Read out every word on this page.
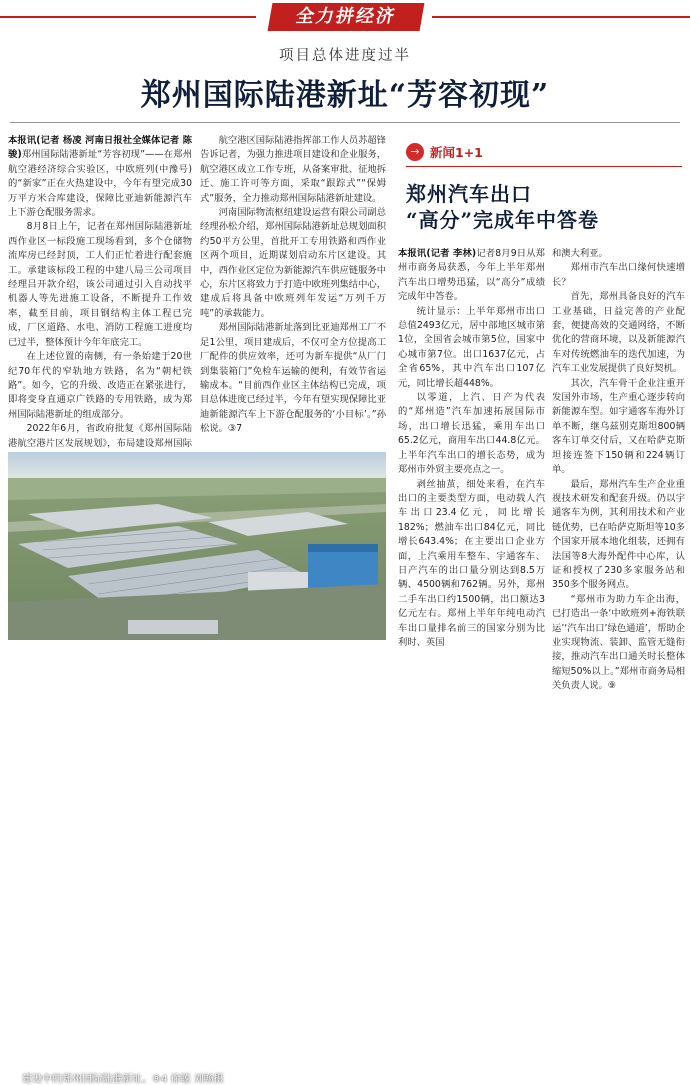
全力拼经济
项目总体进度过半
郑州国际陆港新址“芳容初现”

本报讯(记者 杨凌 河南日报社全媒体记者 陈骏)郑州国际陆港新址“芳容初现”——在郑州航空港经济综合实验区，中欧班列(中豫号)的“新家”正在火热建设中，今年有望完成30万平方米合库建设，保障比亚迪新能源汽车上下游仓配服务需求。

8月8日上午，记者在郑州国际陆港新址西作业区一标段施工现场看到，多个仓储物流库房已经封顶，工人们正忙着进行配套施工。承建该标段工程的中建八局三公司项目经理吕开款介绍，该公司通过引入自动找平机器人等先进施工设备，不断提升工作效率，截至目前，项目钢结构主体工程已完成，厂区道路、水电、消防工程施工进度均已过半，整体预计今年年底完工。

在上述位置的南侧，有一条始建于20世纪70年代的窄轨地方铁路，名为“朝杞铁路”。如今，它的升级、改造正在紧张进行，即将变身直通京广铁路的专用铁路，成为郑州国际陆港新址的组成部分。

2022年6月，省政府批复《郑州国际陆港航空港片区发展规划》，布局建设郑州国际

航空港区国际陆港指挥部工作人员苏超锋告诉记者，为强力推进项目建设和企业服务，航空港区成立工作专班，从备案审批、征地拆迁、施工许可等方面，采取“跟踪式”“保姆式”服务，全力推动郑州国际陆港新址建设。

河南国际物流枢纽建设运营有限公司副总经理孙松介绍，郑州国际陆港新址总规划面积约50平方公里，首批开工专用铁路和西作业区两个项目，近期谋划启动东片区建设。其中，西作业区定位为新能源汽车供应链服务中心，东片区将致力于打造中欧班列集结中心，建成后将具备中欧班列年发运“万列千万吨”的承载能力。

郑州国际陆港新址落到比亚迪郑州工厂不足1公里，项目建成后，不仅可全方位提高工厂配件的供应效率，还可为新车提供“从厂门到集装箱门”免检车运输的便利，有效节省运输成本。“目前西作业区主体结构已完成，项目总体进度已经过半，今年有望实现保障比亚迪新能源汽车上下游仓配服务的‘小目标’。”孙松说。③7

建设中的郑州国际陆港新址。⑨4 徐聪 刘畅摄
→ 新闻1+1
郑州汽车出口
“高分”完成年中答卷

本报讯(记者 李林)记者8月9日从郑州市商务局获悉，今年上半年郑州汽车出口增势迅猛，以“高分”成绩完成年中答卷。

统计显示：上半年郑州市出口总值2493亿元，居中部地区城市第1位，全国省会城市第5位，国家中心城市第7位。出口1637亿元，占全省65%，其中汽车出口107亿元，同比增长超448%。

以零道，上汽、日产为代表的“郑州造”汽车加速拓展国际市场，出口增长迅猛，乘用车出口65.2亿元，商用车出口44.8亿元。上半年汽车出口的增长态势，成为郑州市外贸主要亮点之一。

剥丝抽茧，细处来看，在汽车出口的主要类型方面，电动载人汽车出口23.4亿元，同比增长182%；燃油车出口84亿元，同比增长643.4%；在主要出口企业方面，上汽乘用车整车、宇通客车、日产汽车的出口量分别达到8.5万辆、4500辆和762辆。另外，郑州二手车出口约1500辆，出口额达3亿元左右。郑州上半年年纯电动汽车出口量排名前三的国家分别为比利时、英国

和澳大利亚。

郑州市汽车出口缘何快速增长？

首先，郑州具备良好的汽车工业基础，日益完善的产业配套，便捷高效的交通网络，不断优化的营商环境，以及新能源汽车对传统燃油车的迭代加速，为汽车工业发展提供了良好契机。

其次，汽车骨干企业注重开发国外市场，生产重心逐步转向新能源车型。如宇通客车海外订单不断，继乌兹别克斯坦800辆客车订单交付后，又在哈萨克斯坦接连签下150辆和224辆订单。

最后，郑州汽车生产企业重视技术研发和配套升级。仍以宇通客车为例，其利用技术和产业链优势，已在哈萨克斯坦等10多个国家开展本地化组装，还拥有法国等8大海外配件中心库，认证和授权了230多家服务站和350多个服务网点。

“郑州市为助力车企出海，已打造出一条‘中欧班列+海铁联运’‘汽车出口’绿色通道’，帮助企业实现物流、装卸、监管无缝衔接，推动汽车出口通关时长整体缩短50%以上。”郑州市商务局相关负责人说。⑨
